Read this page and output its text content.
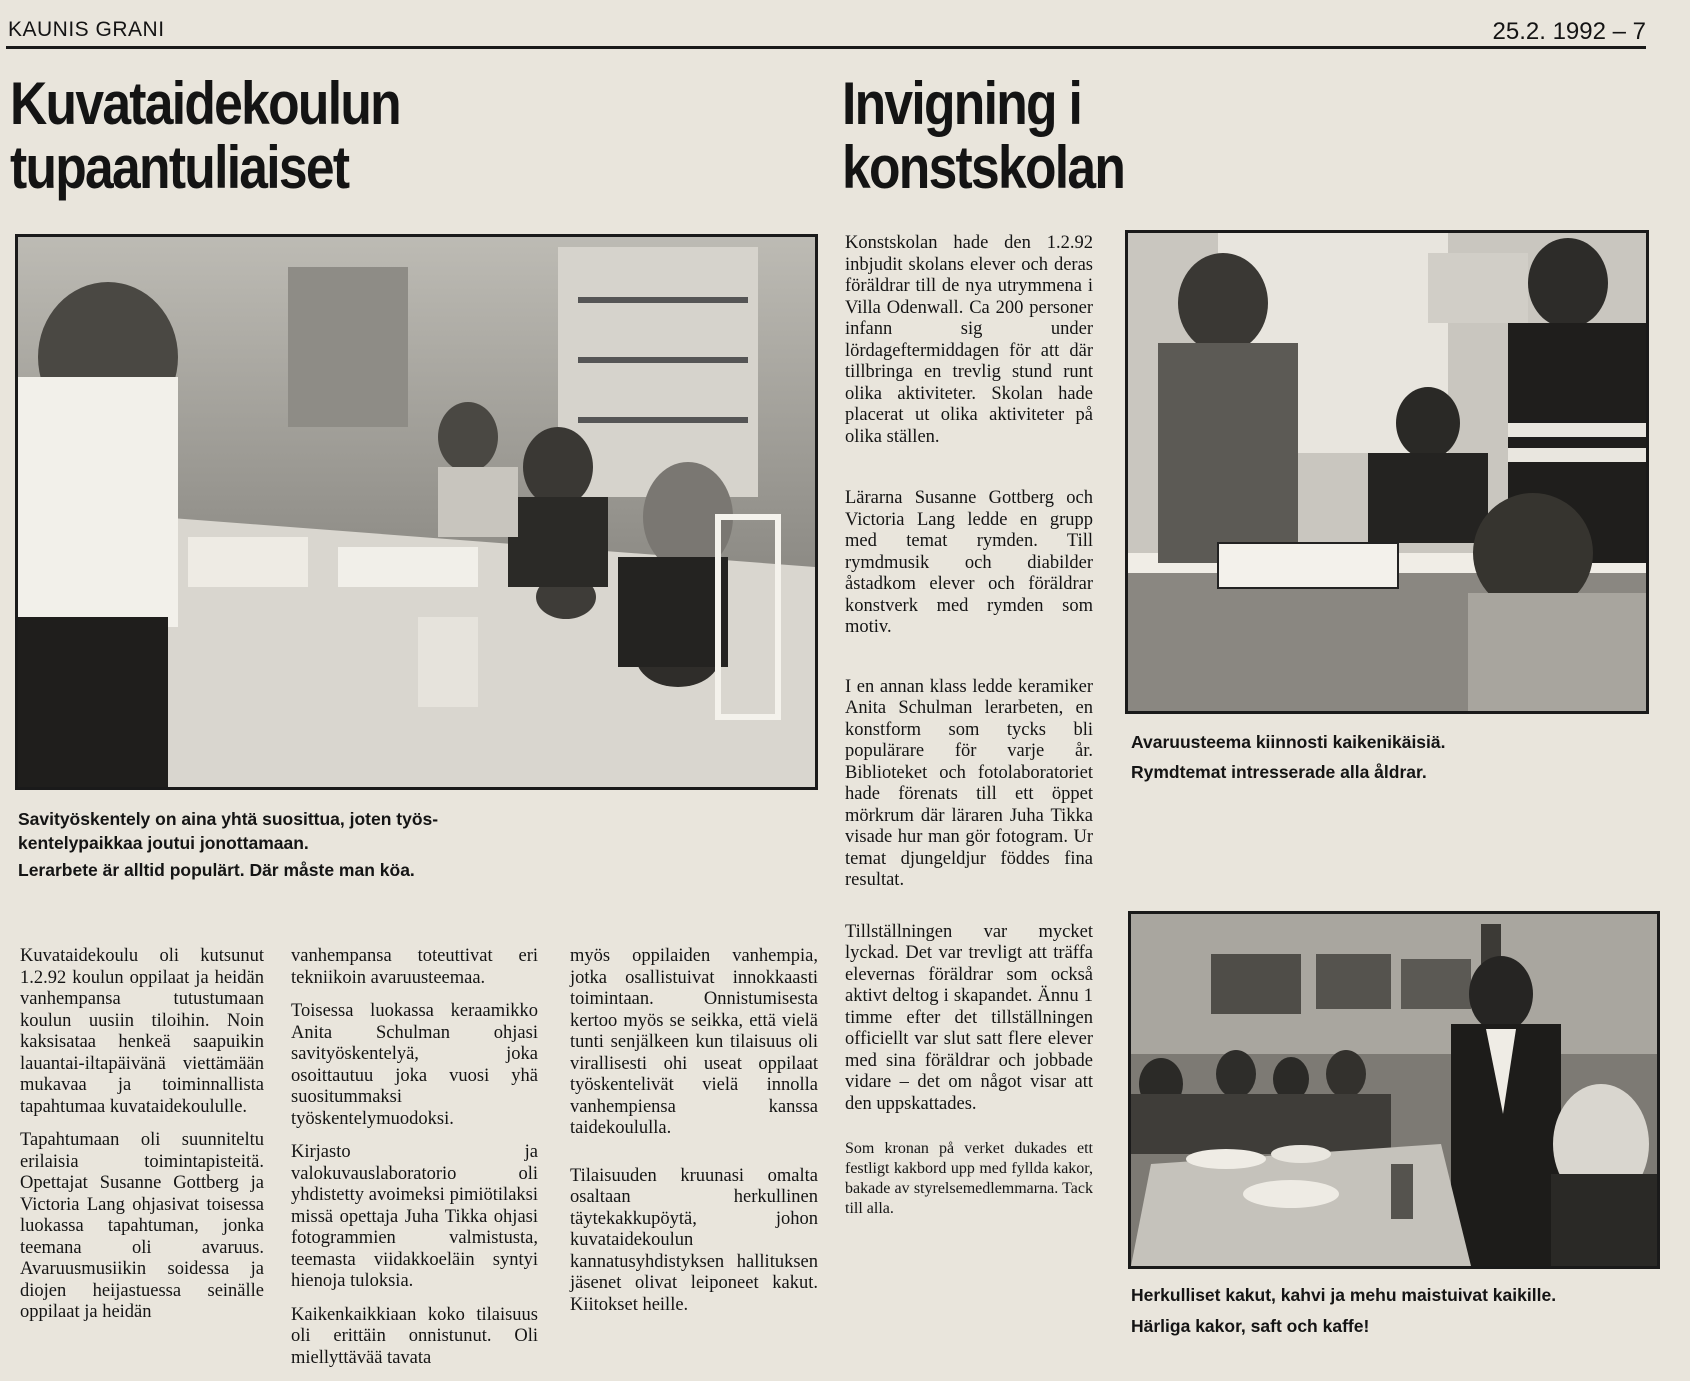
KAUNIS GRANI	25.2. 1992 – 7
Kuvataidekoulun
tupaantuliaiset
Invigning i
konstskolan
Savityöskentely on aina yhtä suosittua, joten työs-kentelypaikkaa joutui jonottamaan.
Lerarbete är alltid populärt. Där måste man köa.

Kuvataidekoulu oli kutsunut 1.2.92 koulun oppilaat ja heidän vanhempansa tutustumaan koulun uusiin tiloihin. Noin kaksisataa henkeä saapuikin lauantai-iltapäivänä viettämään mukavaa ja toiminnallista tapahtumaa kuvataidekoululle.

Tapahtumaan oli suunniteltu erilaisia toimintapisteitä. Opettajat Susanne Gottberg ja Victoria Lang ohjasivat toisessa luokassa tapahtuman, jonka teemana oli avaruus. Avaruusmusiikin soidessa ja diojen heijastuessa seinälle oppilaat ja heidän

vanhempansa toteuttivat eri tekniikoin avaruusteemaa.

Toisessa luokassa keraamikko Anita Schulman ohjasi savityöskentelyä, joka osoittautuu joka vuosi yhä suositummaksi työskentelymuodoksi.

Kirjasto ja valokuvauslaboratorio oli yhdistetty avoimeksi pimiötilaksi missä opettaja Juha Tikka ohjasi fotogrammien valmistusta, teemasta viidakkoeläin syntyi hienoja tuloksia.

Kaikenkaikkiaan koko tilaisuus oli erittäin onnistunut. Oli miellyttävää tavata

myös oppilaiden vanhempia, jotka osallistuivat innokkaasti toimintaan. Onnistumisesta kertoo myös se seikka, että vielä tunti senjälkeen kun tilaisuus oli virallisesti ohi useat oppilaat työskentelivät vielä innolla vanhempiensa kanssa taidekoululla.

Tilaisuuden kruunasi omalta osaltaan herkullinen täytekakkupöytä, johon kuvataidekoulun kannatusyhdistyksen hallituksen jäsenet olivat leiponeet kakut. Kiitokset heille.

Konstskolan hade den 1.2.92 inbjudit skolans elever och deras föräldrar till de nya utrymmena i Villa Odenwall. Ca 200 personer infann sig under lördageftermiddagen för att där tillbringa en trevlig stund runt olika aktiviteter. Skolan hade placerat ut olika aktiviteter på olika ställen.

Lärarna Susanne Gottberg och Victoria Lang ledde en grupp med temat rymden. Till rymdmusik och diabilder åstadkom elever och föräldrar konstverk med rymden som motiv.

I en annan klass ledde keramiker Anita Schulman lerarbeten, en konstform som tycks bli populärare för varje år. Biblioteket och fotolaboratoriet hade förenats till ett öppet mörkrum där läraren Juha Tikka visade hur man gör fotogram. Ur temat djungeldjur föddes fina resultat.

Tillställningen var mycket lyckad. Det var trevligt att träffa elevernas föräldrar som också aktivt deltog i skapandet. Ännu 1 timme efter det tillställningen officiellt var slut satt flere elever med sina föräldrar och jobbade vidare – det om något visar att den uppskattades.

Som kronan på verket dukades ett festligt kakbord upp med fyllda kakor, bakade av styrelsemedlemmarna. Tack till alla.

Avaruusteema kiinnosti kaikenikäisiä.
Rymdtemat intresserade alla åldrar.
Herkulliset kakut, kahvi ja mehu maistuivat kaikille.
Härliga kakor, saft och kaffe!
